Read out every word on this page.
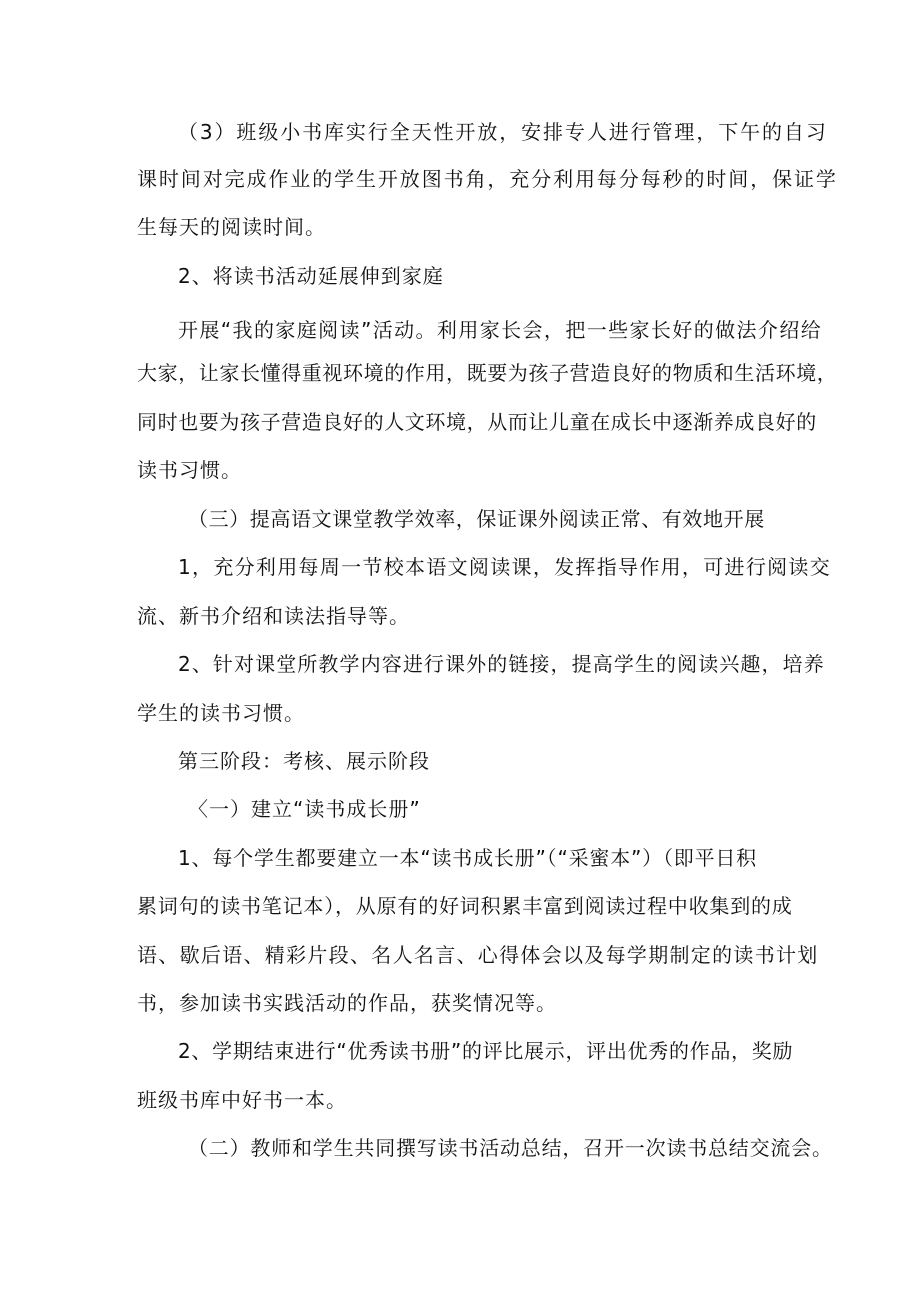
（3）班级小书库实行全天性开放，安排专人进行管理，下午的自习
课时间对完成作业的学生开放图书角，充分利用每分每秒的时间，保证学
生每天的阅读时间。
2、将读书活动延展伸到家庭
开展“我的家庭阅读”活动。利用家长会，把一些家长好的做法介绍给
大家，让家长懂得重视环境的作用，既要为孩子营造良好的物质和生活环境，
同时也要为孩子营造良好的人文环境，从而让儿童在成长中逐渐养成良好的
读书习惯。
（三）提高语文课堂教学效率，保证课外阅读正常、有效地开展
1，充分利用每周一节校本语文阅读课，发挥指导作用，可进行阅读交
流、新书介绍和读法指导等。
2、针对课堂所教学内容进行课外的链接，提高学生的阅读兴趣，培养
学生的读书习惯。
第三阶段：考核、展示阶段
〈一）建立“读书成长册”
1、每个学生都要建立一本“读书成长册”（“采蜜本”）（即平日积
累词句的读书笔记本），从原有的好词积累丰富到阅读过程中收集到的成
语、歇后语、精彩片段、名人名言、心得体会以及每学期制定的读书计划
书，参加读书实践活动的作品，获奖情况等。
2、学期结束进行“优秀读书册”的评比展示，评出优秀的作品，奖励
班级书库中好书一本。
（二）教师和学生共同撰写读书活动总结，召开一次读书总结交流会。
